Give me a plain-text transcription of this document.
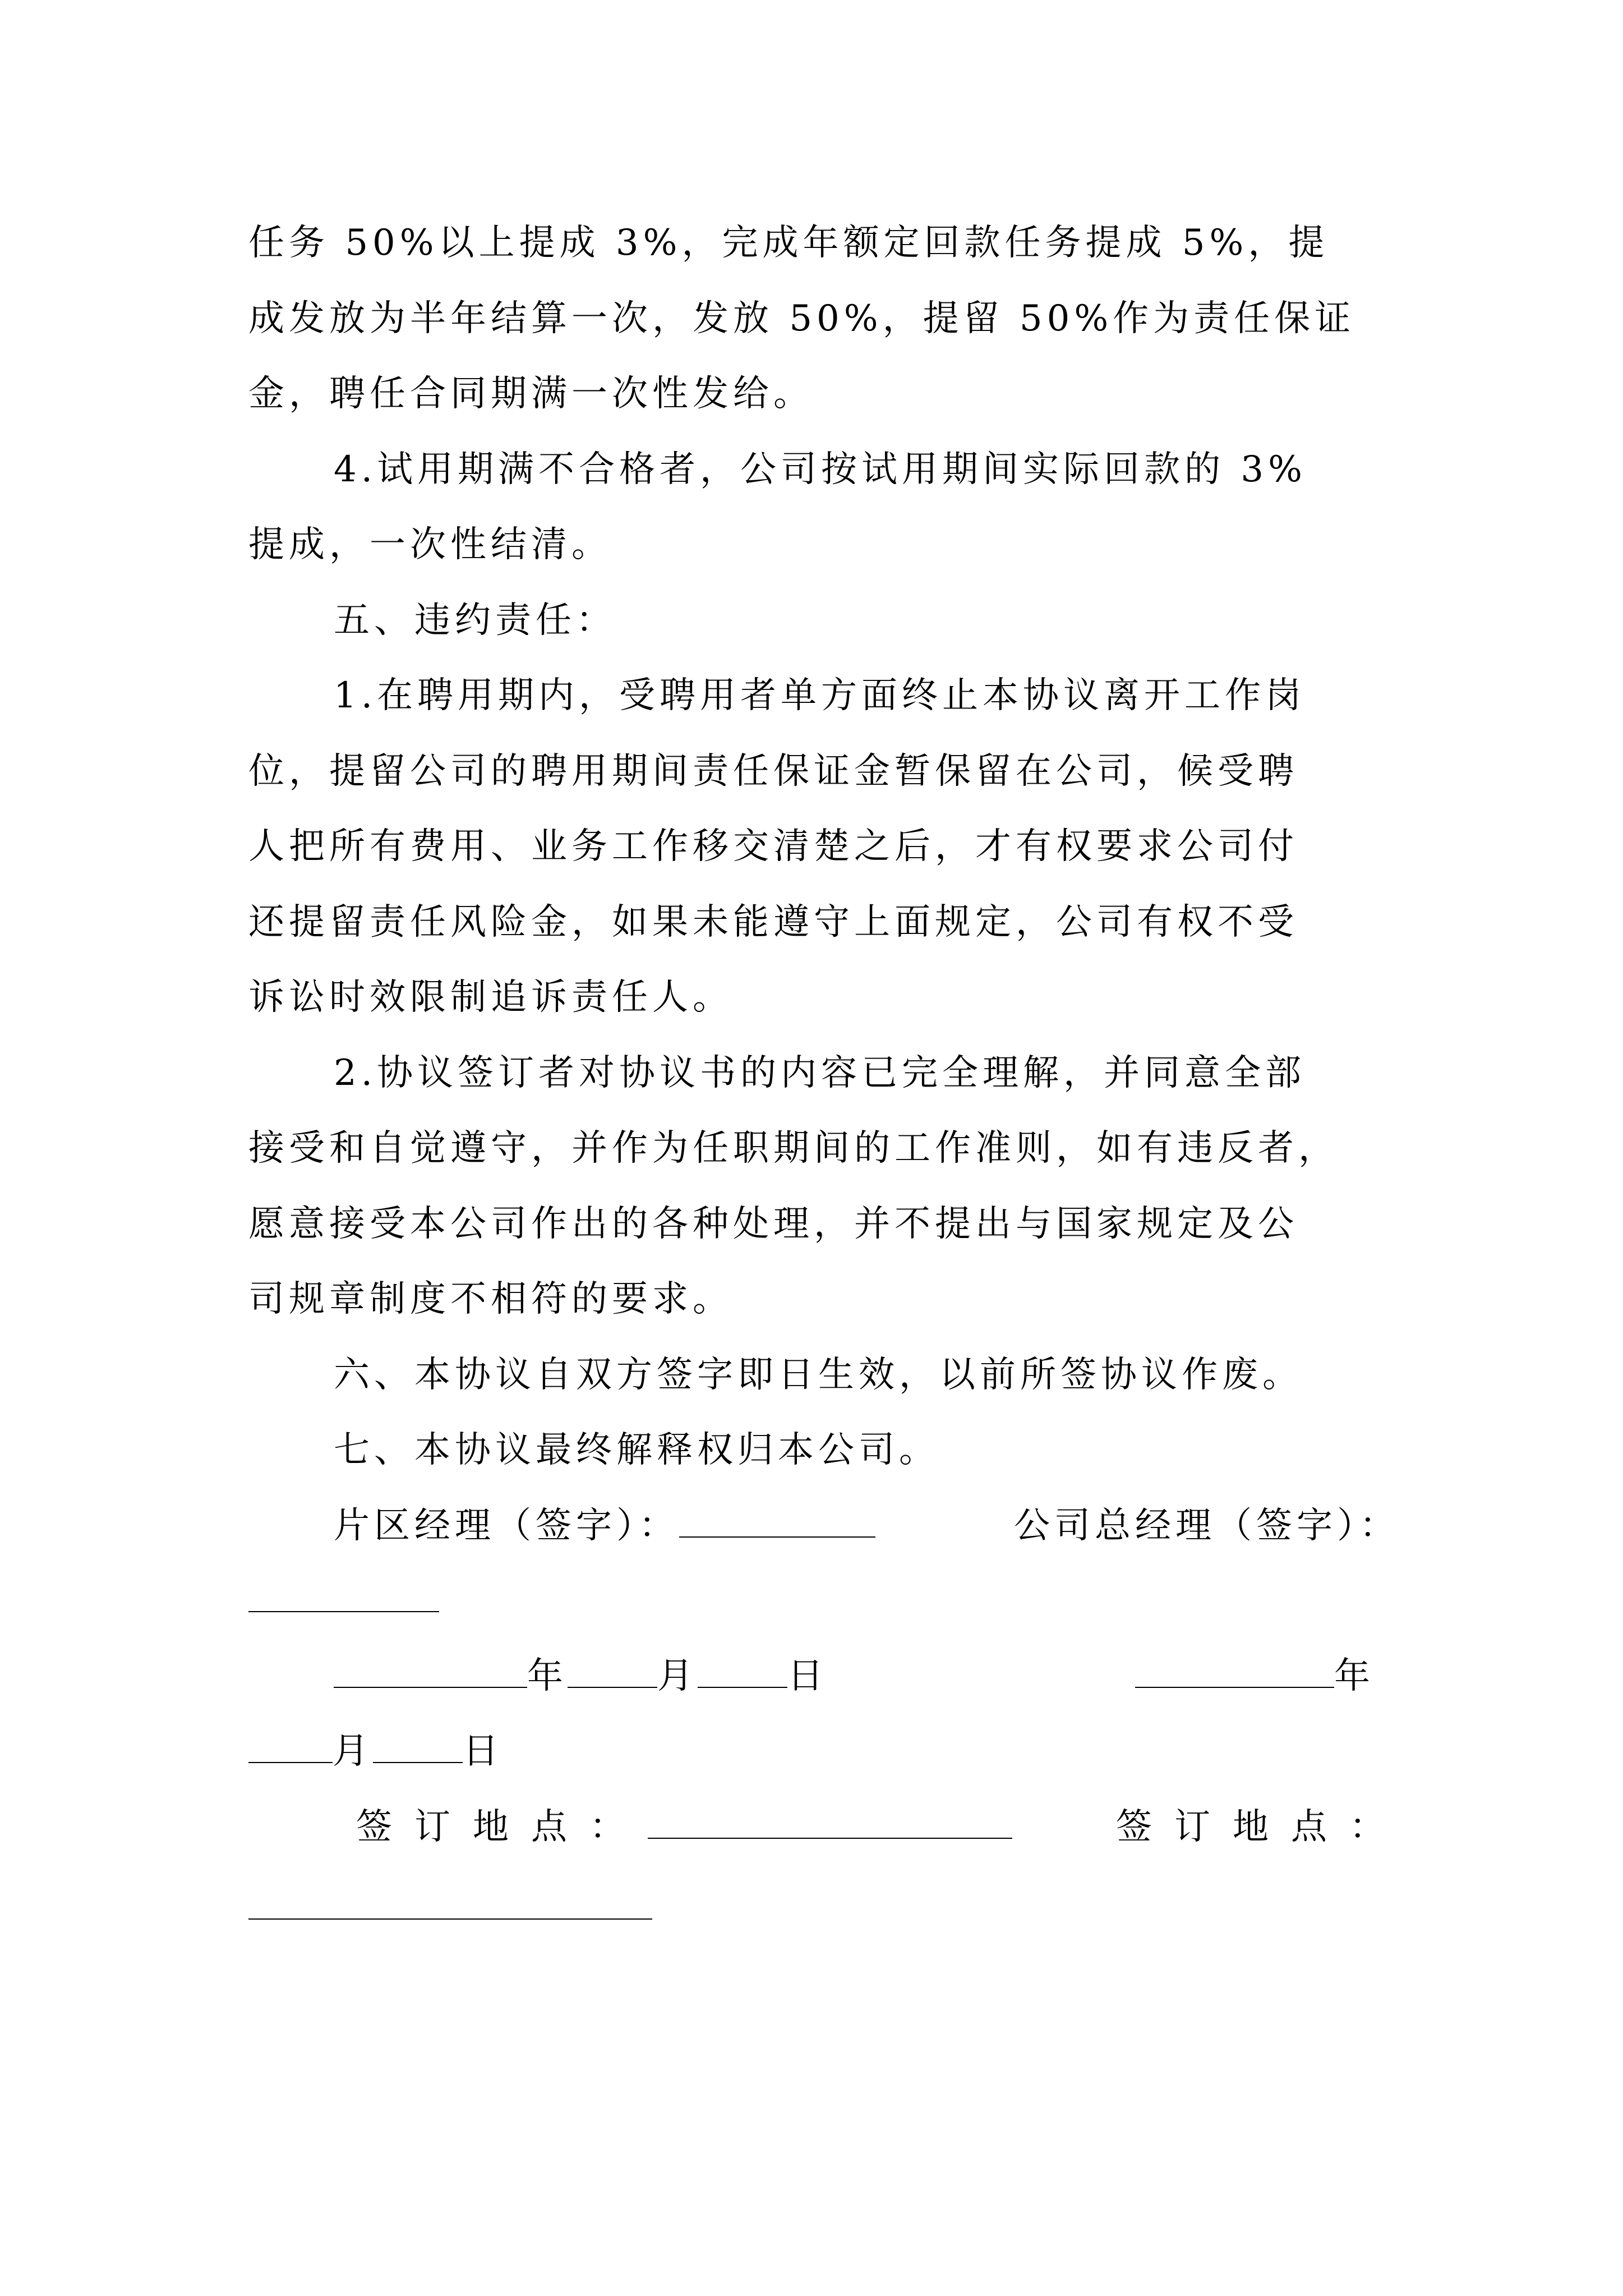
任务 50%以上提成 3%，完成年额定回款任务提成 5%，提
成发放为半年结算一次，发放 50%，提留 50%作为责任保证
金，聘任合同期满一次性发给。
4.试用期满不合格者，公司按试用期间实际回款的 3%
提成，一次性结清。
五、违约责任：
1.在聘用期内，受聘用者单方面终止本协议离开工作岗
位，提留公司的聘用期间责任保证金暂保留在公司，候受聘
人把所有费用、业务工作移交清楚之后，才有权要求公司付
还提留责任风险金，如果未能遵守上面规定，公司有权不受
诉讼时效限制追诉责任人。
2.协议签订者对协议书的内容已完全理解，并同意全部
接受和自觉遵守，并作为任职期间的工作准则，如有违反者，
愿意接受本公司作出的各种处理，并不提出与国家规定及公
司规章制度不相符的要求。
六、本协议自双方签字即日生效，以前所签协议作废。
七、本协议最终解释权归本公司。
片区经理（签字）：	公司总经理（签字）：
年	月	日	年
月	日
签订地点：	签订地点：
